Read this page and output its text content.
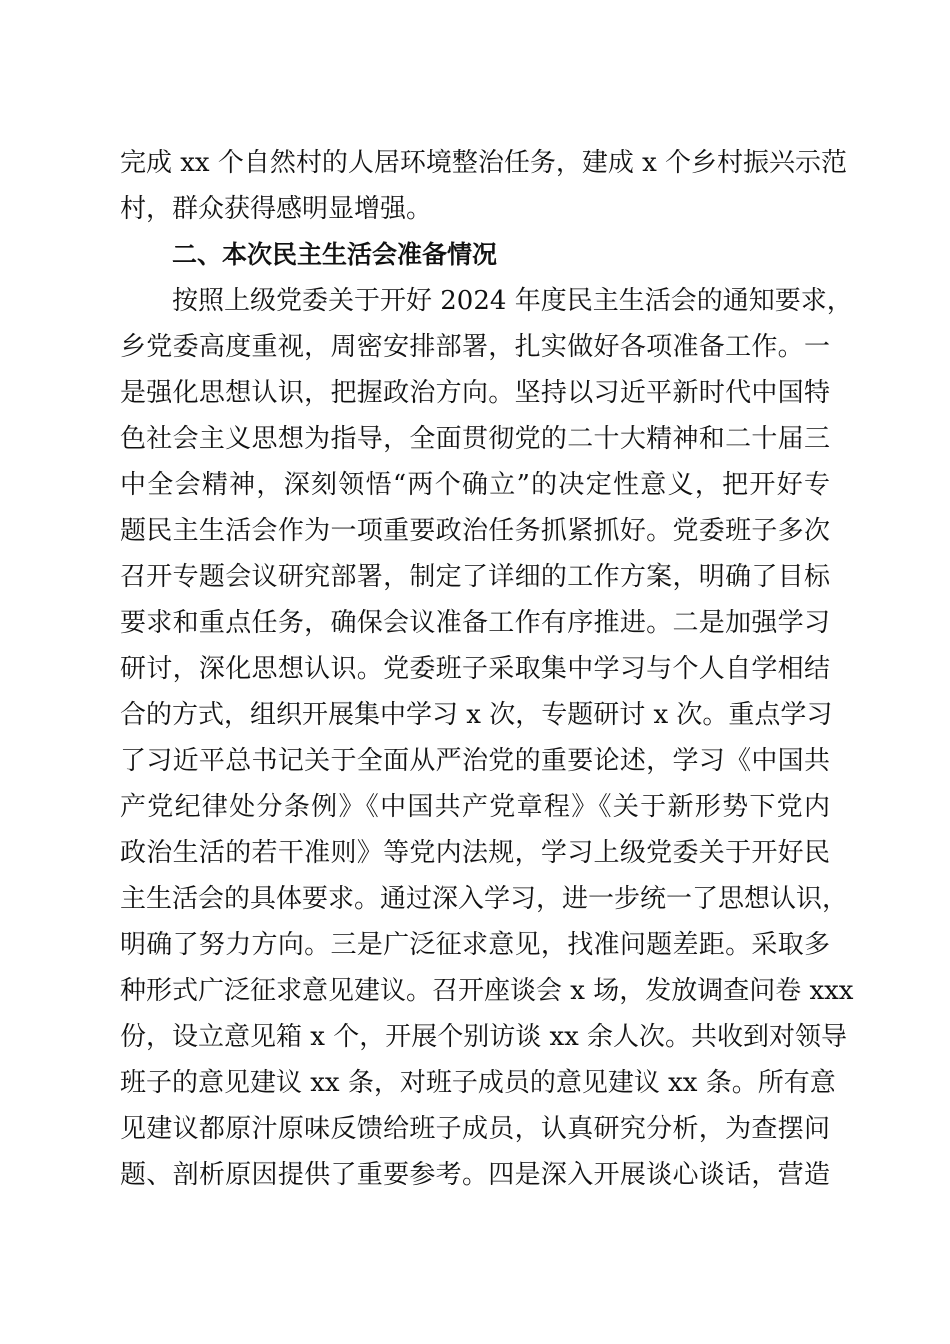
完成 xx 个自然村的人居环境整治任务，建成 x 个乡村振兴示范
村，群众获得感明显增强。
二、本次民主生活会准备情况
按照上级党委关于开好 2024 年度民主生活会的通知要求，
乡党委高度重视，周密安排部署，扎实做好各项准备工作。一
是强化思想认识，把握政治方向。坚持以习近平新时代中国特
色社会主义思想为指导，全面贯彻党的二十大精神和二十届三
中全会精神，深刻领悟“两个确立”的决定性意义，把开好专
题民主生活会作为一项重要政治任务抓紧抓好。党委班子多次
召开专题会议研究部署，制定了详细的工作方案，明确了目标
要求和重点任务，确保会议准备工作有序推进。二是加强学习
研讨，深化思想认识。党委班子采取集中学习与个人自学相结
合的方式，组织开展集中学习 x 次，专题研讨 x 次。重点学习
了习近平总书记关于全面从严治党的重要论述，学习《中国共
产党纪律处分条例》《中国共产党章程》《关于新形势下党内
政治生活的若干准则》等党内法规，学习上级党委关于开好民
主生活会的具体要求。通过深入学习，进一步统一了思想认识，
明确了努力方向。三是广泛征求意见，找准问题差距。采取多
种形式广泛征求意见建议。召开座谈会 x 场，发放调查问卷 xxx
份，设立意见箱 x 个，开展个别访谈 xx 余人次。共收到对领导
班子的意见建议 xx 条，对班子成员的意见建议 xx 条。所有意
见建议都原汁原味反馈给班子成员，认真研究分析，为查摆问
题、剖析原因提供了重要参考。四是深入开展谈心谈话，营造
